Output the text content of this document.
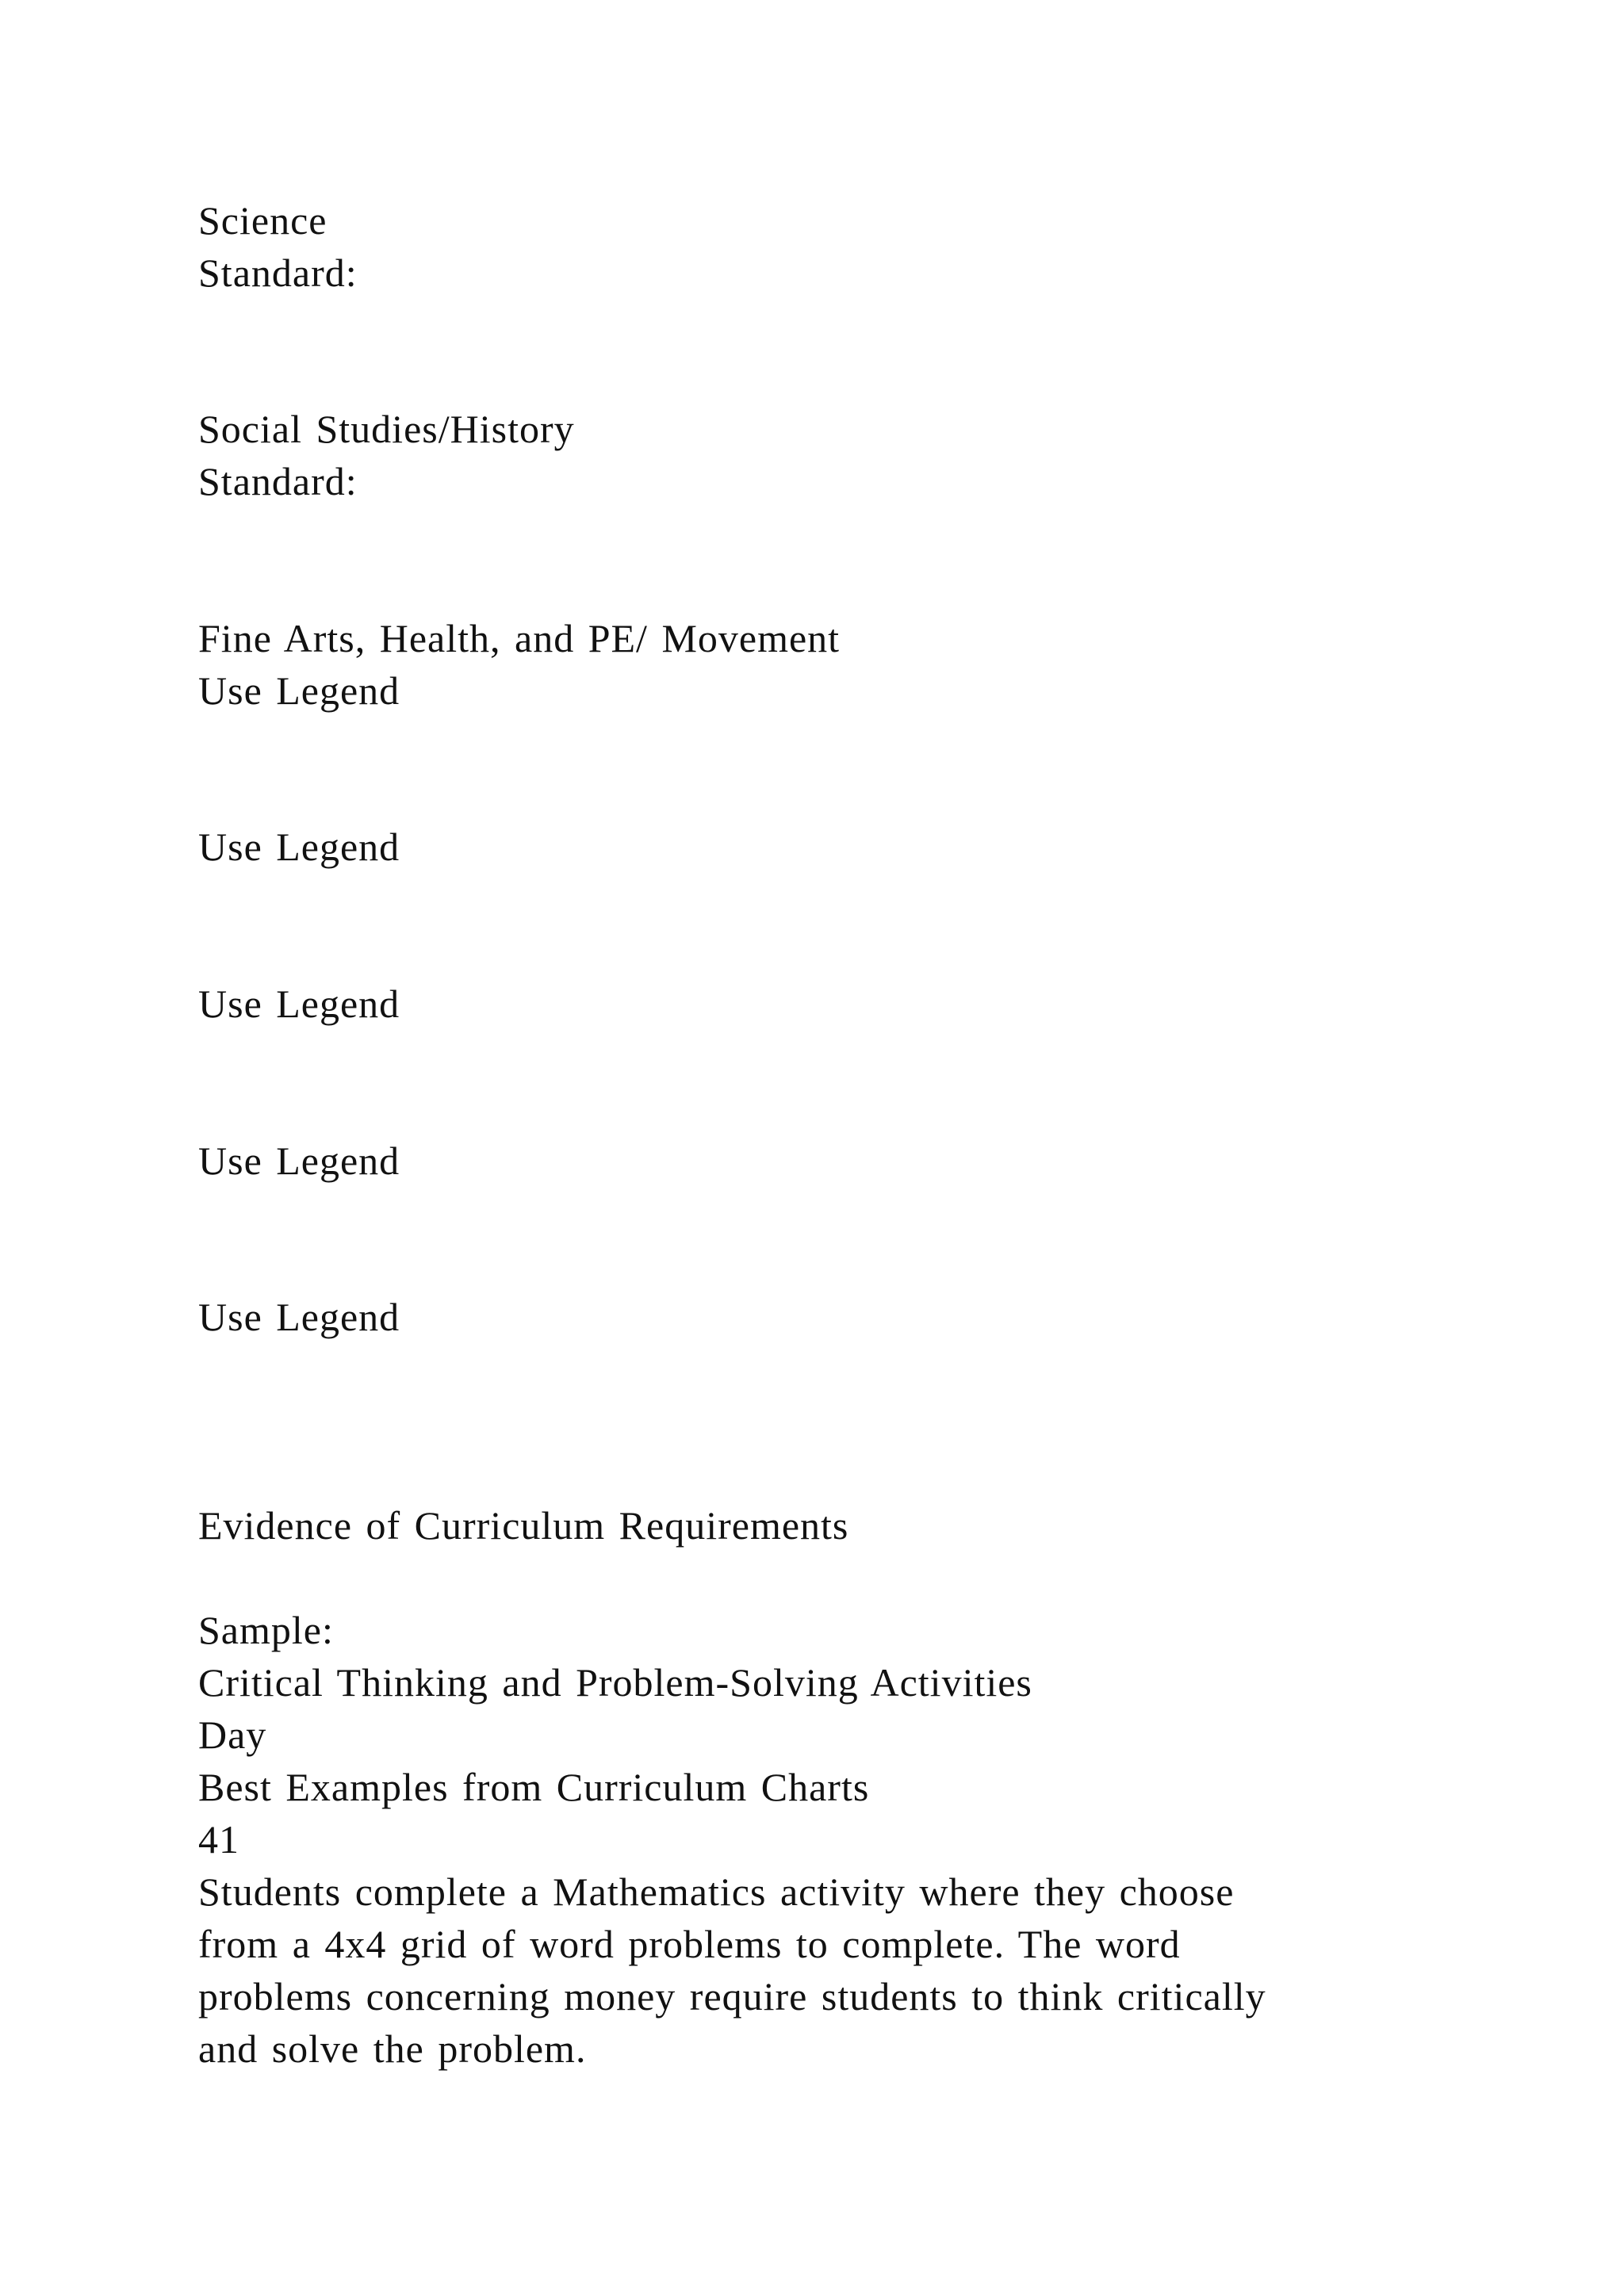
Science

Standard:

Social Studies/History

Standard:

Fine Arts, Health, and PE/ Movement

Use Legend

Use Legend

Use Legend

Use Legend

Use Legend

Evidence of Curriculum Requirements

Sample:

Critical Thinking and Problem-Solving Activities

Day

Best Examples from Curriculum Charts

41

Students complete a Mathematics activity where they choose

from a 4x4 grid of word problems to complete. The word

problems concerning money require students to think critically

and solve the problem.
